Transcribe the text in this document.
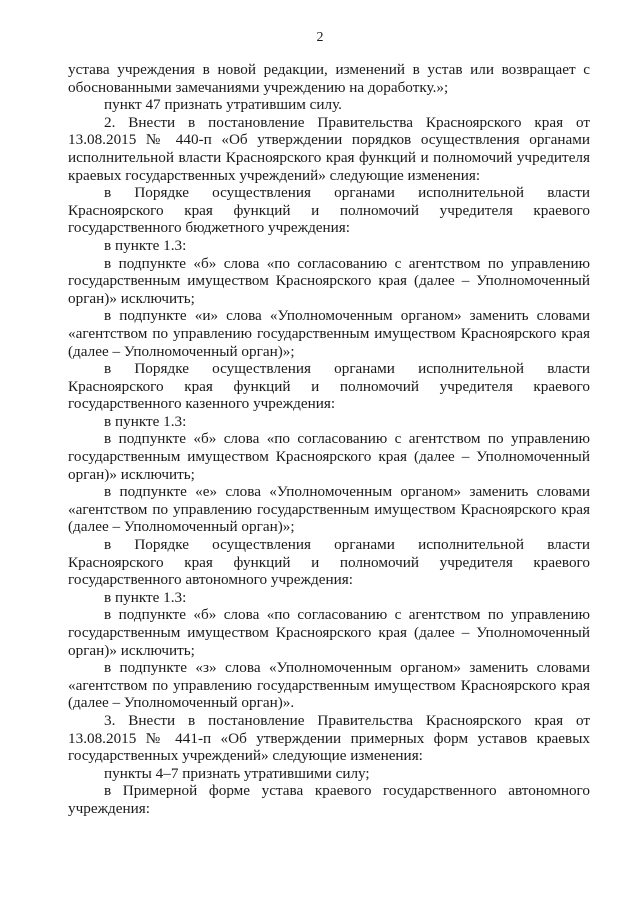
2

устава учреждения в новой редакции, изменений в устав или возвращает с обоснованными замечаниями учреждению на доработку.»;

пункт 47 признать утратившим силу.

2. Внести в постановление Правительства Красноярского края от 13.08.2015 № 440-п «Об утверждении порядков осуществления органами исполнительной власти Красноярского края функций и полномочий учредителя краевых государственных учреждений» следующие изменения:

в Порядке осуществления органами исполнительной власти Красноярского края функций и полномочий учредителя краевого государственного бюджетного учреждения:

в пункте 1.3:

в подпункте «б» слова «по согласованию с агентством по управлению государственным имуществом Красноярского края (далее – Уполномоченный орган)» исключить;

в подпункте «и» слова «Уполномоченным органом» заменить словами «агентством по управлению государственным имуществом Красноярского края (далее – Уполномоченный орган)»;

в Порядке осуществления органами исполнительной власти Красноярского края функций и полномочий учредителя краевого государственного казенного учреждения:

в пункте 1.3:

в подпункте «б» слова «по согласованию с агентством по управлению государственным имуществом Красноярского края (далее – Уполномоченный орган)» исключить;

в подпункте «е» слова «Уполномоченным органом» заменить словами «агентством по управлению государственным имуществом Красноярского края (далее – Уполномоченный орган)»;

в Порядке осуществления органами исполнительной власти Красноярского края функций и полномочий учредителя краевого государственного автономного учреждения:

в пункте 1.3:

в подпункте «б» слова «по согласованию с агентством по управлению государственным имуществом Красноярского края (далее – Уполномоченный орган)» исключить;

в подпункте «з» слова «Уполномоченным органом» заменить словами «агентством по управлению государственным имуществом Красноярского края (далее – Уполномоченный орган)».

3. Внести в постановление Правительства Красноярского края от 13.08.2015 № 441-п «Об утверждении примерных форм уставов краевых государственных учреждений» следующие изменения:

пункты 4–7 признать утратившими силу;

в Примерной форме устава краевого государственного автономного учреждения:
